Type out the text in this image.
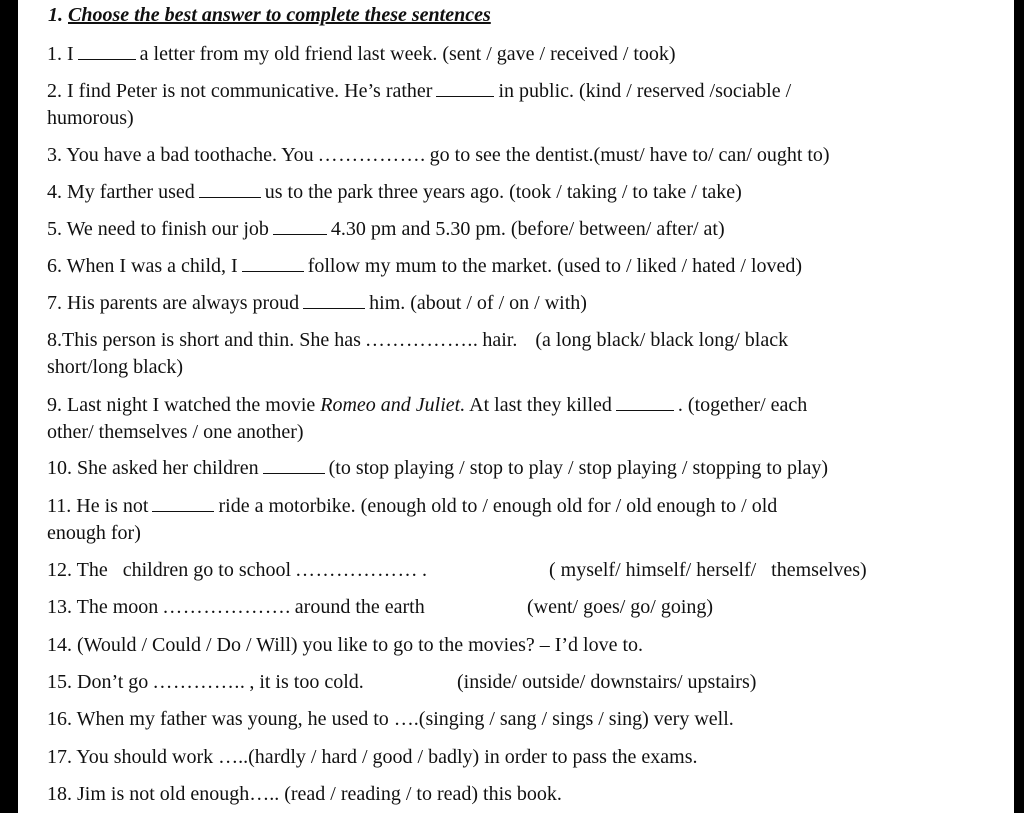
1. Choose the best answer to complete these sentences
1. I	a letter from my old friend last week. (sent / gave / received / took)
2. I find Peter is not communicative. He’s rather	in public. (kind / reserved /sociable /
humorous)
3. You have a bad toothache. You ……………. go to see the dentist.(must/ have to/ can/ ought to)
4. My farther used	us to the park three years ago. (took / taking / to take / take)
5. We need to finish our job	4.30 pm and 5.30 pm. (before/ between/ after/ at)
6. When I was a child, I	follow my mum to the market. (used to / liked / hated / loved)
7. His parents are always proud	him. (about / of / on / with)
8.This person is short and thin. She has …………….. hair. (a long black/ black long/ black
short/long black)
9. Last night I watched the movie Romeo and Juliet. At last they killed	. (together/ each
other/ themselves / one another)
10. She asked her children	(to stop playing / stop to play / stop playing / stopping to play)
11. He is not	ride a motorbike. (enough old to / enough old for / old enough to / old
enough for)
12. The   children go to school ……………… .	( myself/ himself/ herself/   themselves)
13. The moon ………………. around the earth	(went/ goes/ go/ going)
14. (Would / Could / Do / Will) you like to go to the movies? – I’d love to.
15. Don’t go ………….. , it is too cold.	(inside/ outside/ downstairs/ upstairs)
16. When my father was young, he used to ….(singing / sang / sings / sing) very well.
17. You should work …..(hardly / hard / good / badly) in order to pass the exams.
18. Jim is not old enough….. (read / reading / to read) this book.
